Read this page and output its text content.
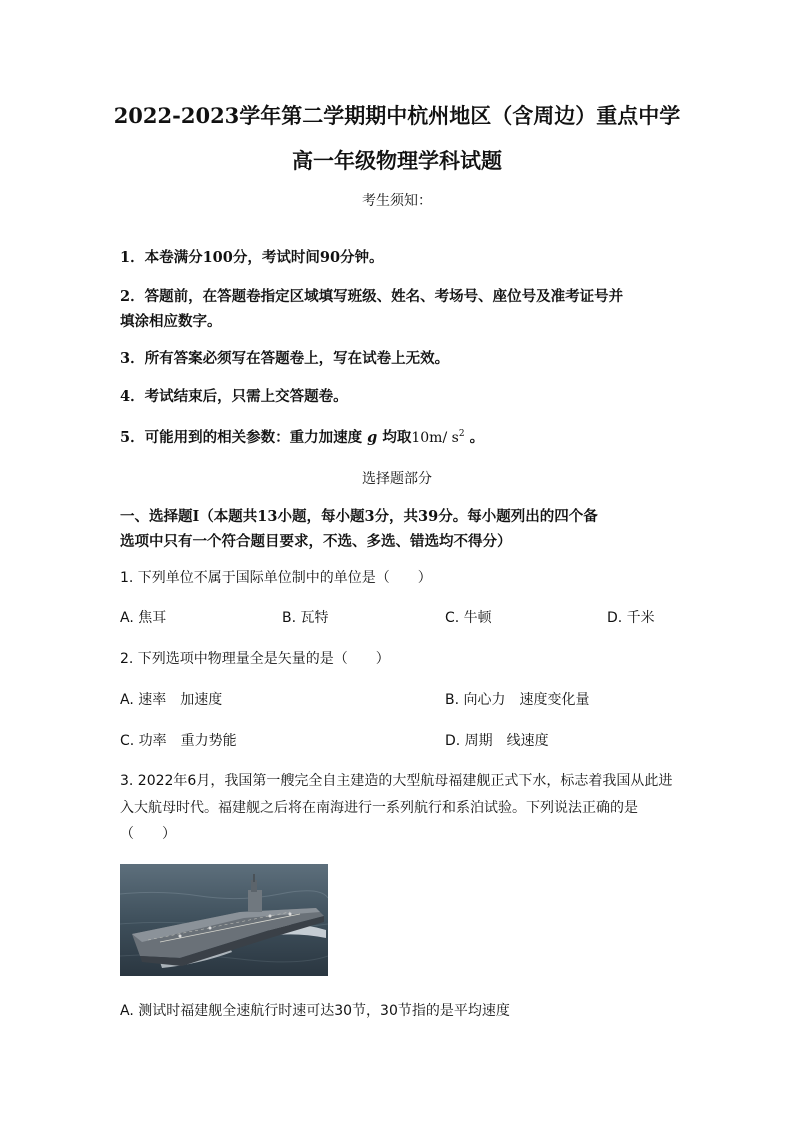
2022-2023学年第二学期期中杭州地区（含周边）重点中学
高一年级物理学科试题
考生须知：
1．本卷满分100分，考试时间90分钟。
2．答题前，在答题卷指定区域填写班级、姓名、考场号、座位号及准考证号并
填涂相应数字。
3．所有答案必须写在答题卷上，写在试卷上无效。
4．考试结束后，只需上交答题卷。
5．可能用到的相关参数：重力加速度 g 均取10m/ $s^2$ 。
选择题部分
一、选择题Ⅰ（本题共13小题，每小题3分，共39分。每小题列出的四个备
选项中只有一个符合题目要求，不选、多选、错选均不得分）
1. 下列单位不属于国际单位制中的单位是（　　）
A. 焦耳	B. 瓦特	C. 牛顿	D. 千米
2. 下列选项中物理量全是矢量的是（　　）
A. 速率　加速度	B. 向心力　速度变化量
C. 功率　重力势能	D. 周期　线速度
3. 2022年6月，我国第一艘完全自主建造的大型航母福建舰正式下水，标志着我国从此进
入大航母时代。福建舰之后将在南海进行一系列航行和系泊试验。下列说法正确的是
（　　）
A. 测试时福建舰全速航行时速可达30节，30节指的是平均速度
